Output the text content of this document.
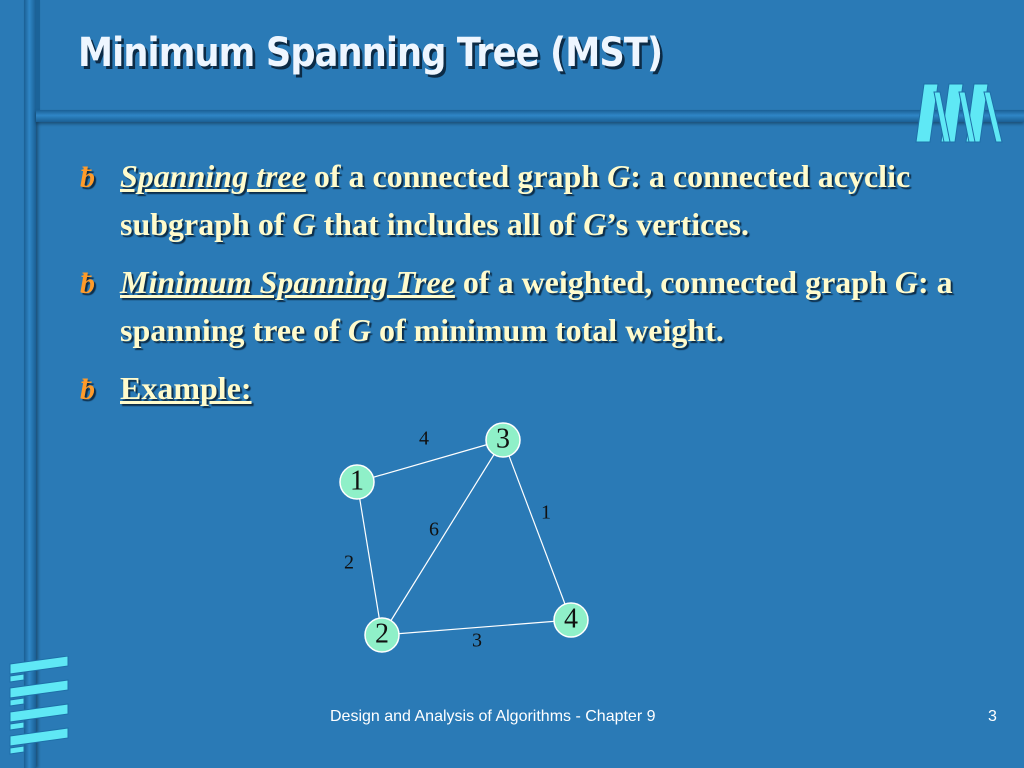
Minimum Spanning Tree (MST)
ƀ Spanning tree of a connected graph G: a connected acyclic subgraph of G that includes all of G’s vertices.
ƀ Minimum Spanning Tree of a weighted, connected graph G: a spanning tree of G of minimum total weight.
ƀ Example:
4
2
6
1
3
1
2
3
4
Design and Analysis of Algorithms - Chapter 9	3
